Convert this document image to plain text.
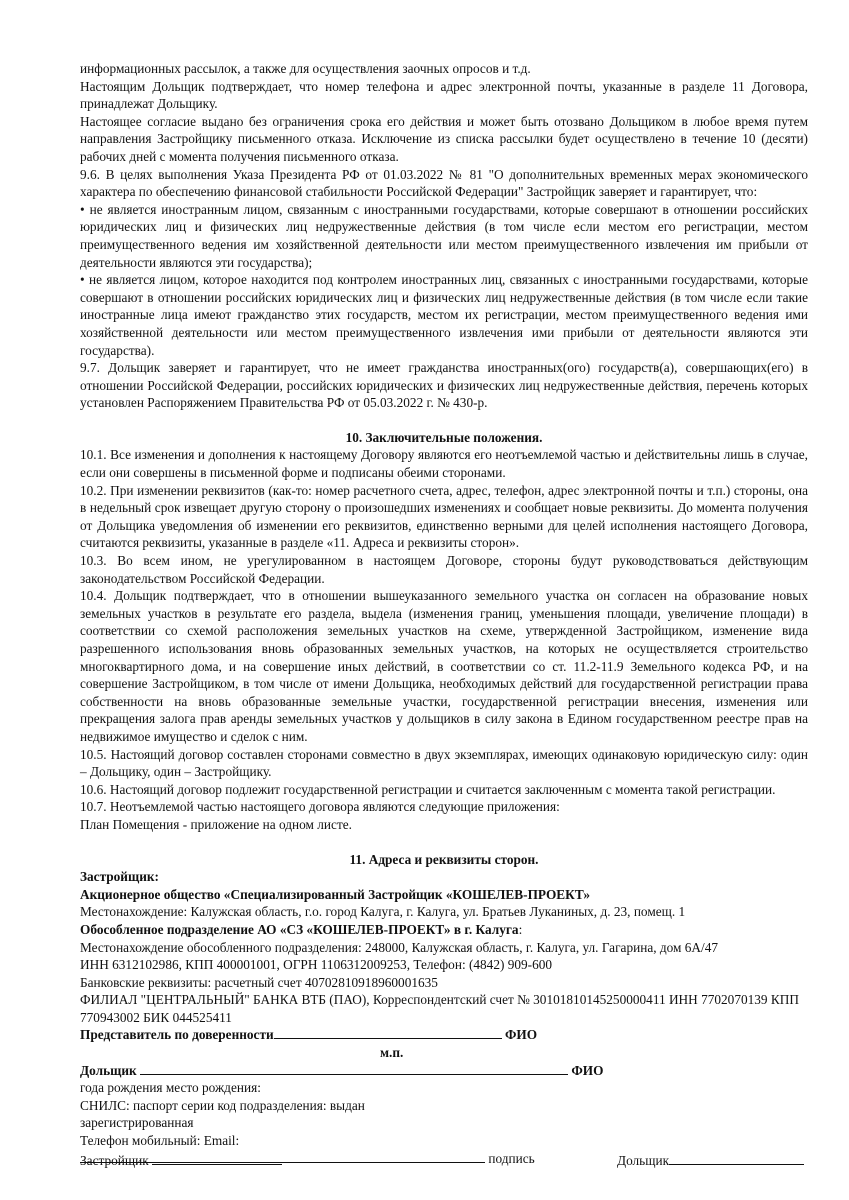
информационных рассылок, а также для осуществления заочных опросов и т.д.

Настоящим Дольщик подтверждает, что номер телефона и адрес электронной почты, указанные в разделе 11 Договора, принадлежат Дольщику.

Настоящее согласие выдано без ограничения срока его действия и может быть отозвано Дольщиком в любое время путем направления Застройщику письменного отказа. Исключение из списка рассылки будет осуществлено в течение 10 (десяти) рабочих дней с момента получения письменного отказа.

9.6. В целях выполнения Указа Президента РФ от 01.03.2022 № 81 "О дополнительных временных мерах экономического характера по обеспечению финансовой стабильности Российской Федерации" Застройщик заверяет и гарантирует, что:

• не является иностранным лицом, связанным с иностранными государствами, которые совершают в отношении российских юридических лиц и физических лиц недружественные действия (в том числе если местом его регистрации, местом преимущественного ведения им хозяйственной деятельности или местом преимущественного извлечения им прибыли от деятельности являются эти государства);

• не является лицом, которое находится под контролем иностранных лиц, связанных с иностранными государствами, которые совершают в отношении российских юридических лиц и физических лиц недружественные действия (в том числе если такие иностранные лица имеют гражданство этих государств, местом их регистрации, местом преимущественного ведения ими хозяйственной деятельности или местом преимущественного извлечения ими прибыли от деятельности являются эти государства).

9.7. Дольщик заверяет и гарантирует, что не имеет гражданства иностранных(ого) государств(а), совершающих(его) в отношении Российской Федерации, российских юридических и физических лиц недружественные действия, перечень которых установлен Распоряжением Правительства РФ от 05.03.2022 г. № 430-р.

10. Заключительные положения.

10.1. Все изменения и дополнения к настоящему Договору являются его неотъемлемой частью и действительны лишь в случае, если они совершены в письменной форме и подписаны обеими сторонами.

10.2. При изменении реквизитов (как-то: номер расчетного счета, адрес, телефон, адрес электронной почты и т.п.) стороны, она в недельный срок извещает другую сторону о произошедших изменениях и сообщает новые реквизиты. До момента получения от Дольщика уведомления об изменении его реквизитов, единственно верными для целей исполнения настоящего Договора, считаются реквизиты, указанные в разделе «11. Адреса и реквизиты сторон».

10.3. Во всем ином, не урегулированном в настоящем Договоре, стороны будут руководствоваться действующим законодательством Российской Федерации.

10.4. Дольщик подтверждает, что в отношении вышеуказанного земельного участка он согласен на образование новых земельных участков в результате его раздела, выдела (изменения границ, уменьшения площади, увеличение площади) в соответствии со схемой расположения земельных участков на схеме, утвержденной Застройщиком, изменение вида разрешенного использования вновь образованных земельных участков, на которых не осуществляется строительство многоквартирного дома, и на совершение иных действий, в соответствии со ст. 11.2-11.9 Земельного кодекса РФ, и на совершение Застройщиком, в том числе от имени Дольщика, необходимых действий для государственной регистрации права собственности на вновь образованные земельные участки, государственной регистрации внесения, изменения или прекращения залога прав аренды земельных участков у дольщиков в силу закона в Едином государственном реестре прав на недвижимое имущество и сделок с ним.

10.5. Настоящий договор составлен сторонами совместно в двух экземплярах, имеющих одинаковую юридическую силу: один – Дольщику, один – Застройщику.

10.6. Настоящий договор подлежит государственной регистрации и считается заключенным с момента такой регистрации.

10.7. Неотъемлемой частью настоящего договора являются следующие приложения:

План Помещения - приложение на одном листе.

11. Адреса и реквизиты сторон.

Застройщик:

Акционерное общество «Специализированный Застройщик «КОШЕЛЕВ-ПРОЕКТ»

Местонахождение: Калужская область, г.о. город Калуга, г. Калуга, ул. Братьев Луканиных, д. 23, помещ. 1

Обособленное подразделение АО «СЗ «КОШЕЛЕВ-ПРОЕКТ» в г. Калуга:

Местонахождение обособленного подразделения: 248000, Калужская область, г. Калуга, ул. Гагарина, дом 6А/47

ИНН 6312102986, КПП 400001001, ОГРН 1106312009253, Телефон: (4842) 909-600

Банковские реквизиты: расчетный счет 40702810918960001635

ФИЛИАЛ "ЦЕНТРАЛЬНЫЙ" БАНКА ВТБ (ПАО), Корреспондентский счет № 30101810145250000411 ИНН 7702070139 КПП 770943002 БИК 044525411

Представитель по доверенности	ФИО

м.п.

Дольщик	ФИО

года рождения место рождения:

СНИЛС: паспорт серии код подразделения: выдан

зарегистрированная

Телефон мобильный: Email:

подпись

Застройщик	Дольщик
